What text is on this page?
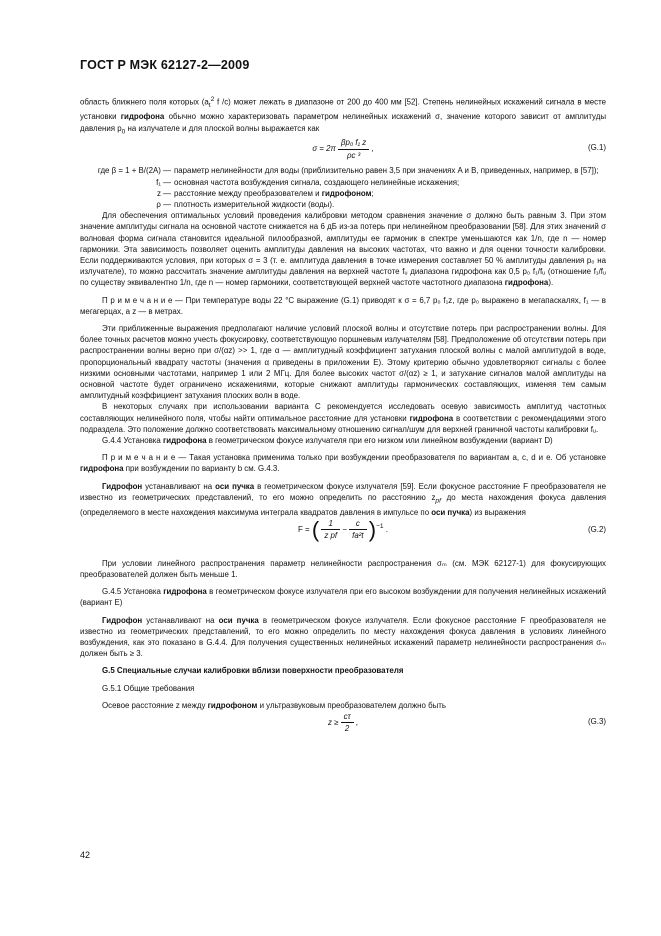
ГОСТ Р МЭК 62127-2—2009

область ближнего поля которых ($a_t^2$ f /c) может лежать в диапазоне от 200 до 400 мм [52]. Степень нелинейных искажений сигнала в месте установки гидрофона обычно можно характеризовать параметром нелинейных искажений σ, значение которого зависит от амплитуды давления $p_0$ на излучателе и для плоской волны выражается как

$\sigma = 2\pi \frac{\text{βp₀ f₁ z}}{\text{ρc ³}}$ ,	(G.1)
где β = 1 + B/(2A) — параметр нелинейности для воды (приблизительно равен 3,5 при значениях A и B, приведенных, например, в [57]);
f₁ — основная частота возбуждения сигнала, создающего нелинейные искажения;
z — расстояние между преобразователем и гидрофоном;
ρ — плотность измерительной жидкости (воды).

Для обеспечения оптимальных условий проведения калибровки методом сравнения значение σ должно быть равным 3. При этом значение амплитуды сигнала на основной частоте снижается на 6 дБ из-за потерь при нелинейном преобразовании [58]. Для этих значений σ волновая форма сигнала становится идеальной пилообразной, амплитуды ее гармоник в спектре уменьшаются как 1/n, где n — номер гармоники. Эта зависимость позволяет оценить амплитуды давления на высоких частотах, что важно и для оценки точности калибровки. Если поддерживаются условия, при которых σ = 3 (т. е. амплитуда давления в точке измерения составляет 50 % амплитуды давления p₀ на излучателе), то можно рассчитать значение амплитуды давления на верхней частоте fᵤ диапазона гидрофона как 0,5 p₀ f₁/fᵤ (отношение f₁/fᵤ по существу эквивалентно 1/n, где n — номер гармоники, соответствующей верхней частоте частотного диапазона гидрофона).

П р и м е ч а н и е — При температуре воды 22 °C выражение (G.1) приводят к σ = 6,7 p₀ f₁z, где p₀ выражено в мегапаскалях, f₁ — в мегагерцах, а z — в метрах.

Эти приближенные выражения предполагают наличие условий плоской волны и отсутствие потерь при распространении волны. Для более точных расчетов можно учесть фокусировку, соответствующую поршневым излучателям [58]. Предположение об отсутствии потерь при распространении волны верно при σ/(αz) >> 1, где α — амплитудный коэффициент затухания плоской волны с малой амплитудой в воде, пропорциональный квадрату частоты (значения α приведены в приложении E). Этому критерию обычно удовлетворяют сигналы с более низкими основными частотами, например 1 или 2 МГц. Для более высоких частот σ/(αz) ≥ 1, и затухание сигналов малой амплитуды на основной частоте будет ограничено искажениями, которые снижают амплитуды гармонических составляющих, изменяя тем самым амплитудный коэффициент затухания плоских волн в воде.

В некоторых случаях при использовании варианта C рекомендуется исследовать осевую зависимость амплитуд частотных составляющих нелинейного поля, чтобы найти оптимальное расстояние для установки гидрофона в соответствии с рекомендациями этого подраздела. Это положение должно соответствовать максимальному отношению сигнал/шум для верхней граничной частоты калибровки fᵤ.

G.4.4 Установка гидрофона в геометрическом фокусе излучателя при его низком или линейном возбуждении (вариант D)

П р и м е ч а н и е — Такая установка применима только при возбуждении преобразователя по вариантам a, c, d и e. Об установке гидрофона при возбуждении по варианту b см. G.4.3.

Гидрофон устанавливают на оси пучка в геометрическом фокусе излучателя [59]. Если фокусное расстояние F преобразователя не известно из геометрических представлений, то его можно определить по расстоянию $z_{pf}$ до места нахождения фокуса давления (определяемого в месте нахождения максимума интеграла квадратов давления в импульсе по оси пучка) из выражения

F = ( $\frac{1}{\text{z pf}} - \frac{c}{\text{fa²t}} )^{-1}$ .	(G.2)

При условии линейного распространения параметр нелинейности распространения σₘ (см. МЭК 62127-1) для фокусирующих преобразователей должен быть меньше 1.

G.4.5 Установка гидрофона в геометрическом фокусе излучателя при его высоком возбуждении для получения нелинейных искажений (вариант E)

Гидрофон устанавливают на оси пучка в геометрическом фокусе излучателя. Если фокусное расстояние F преобразователя не известно из геометрических представлений, то его можно определить по месту нахождения фокуса давления в условиях линейного возбуждения, как это показано в G.4.4. Для получения существенных нелинейных искажений параметр нелинейности распространения σₘ должен быть ≥ 3.

G.5 Специальные случаи калибровки вблизи поверхности преобразователя

G.5.1 Общие требования

Осевое расстояние z между гидрофоном и ультразвуковым преобразователем должно быть

$z \ge \frac{c\tau}{2}$ ,	(G.3)
42
